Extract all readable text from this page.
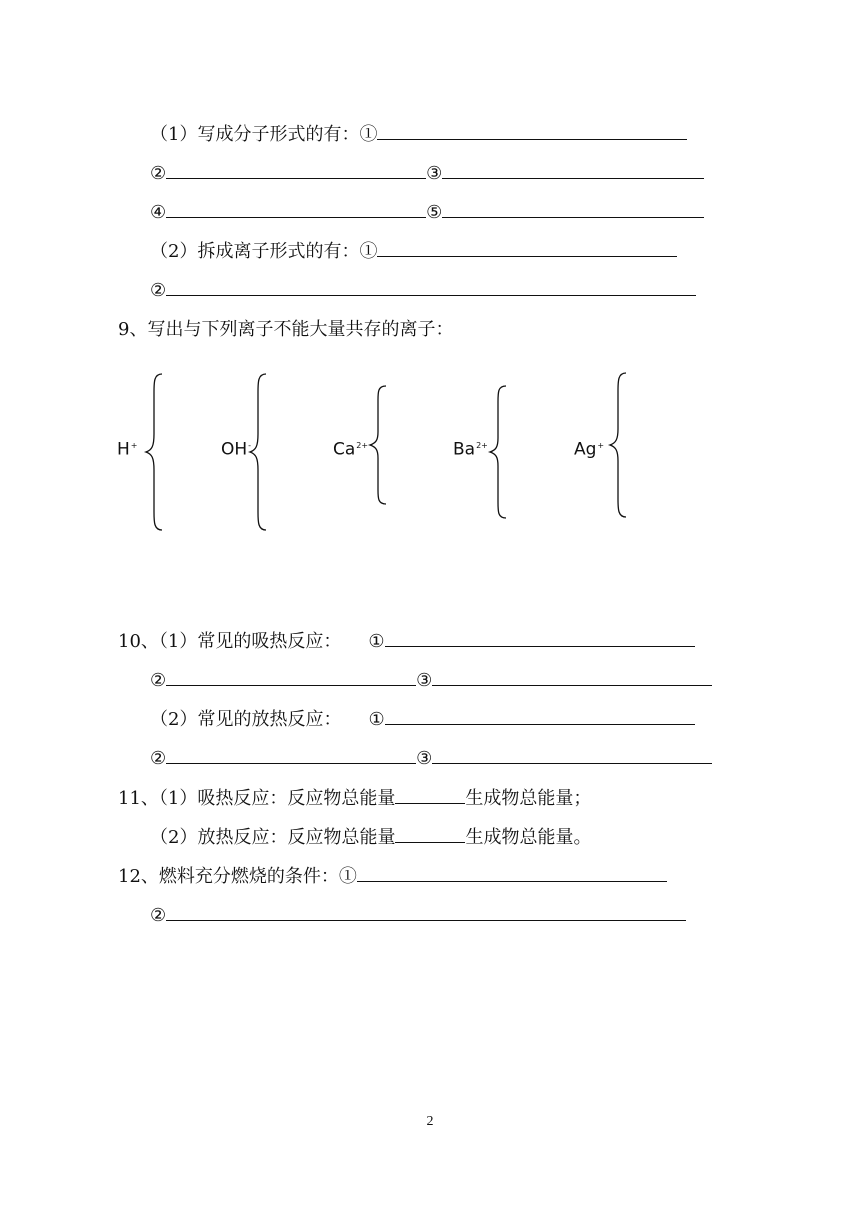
（1）写成分子形式的有：①
②	③
④	⑤
（2）拆成离子形式的有：①
②
9、写出与下列离子不能大量共存的离子：
H+	OH-	$Ca^{2+}$	$Ba^{2+}$	Ag+
10、（1）常见的吸热反应： ①
②	③
（2）常见的放热反应： ①
②	③
11、（1）吸热反应：反应物总能量	生成物总能量；
（2）放热反应：反应物总能量	生成物总能量。
12、燃料充分燃烧的条件：①
②
2
